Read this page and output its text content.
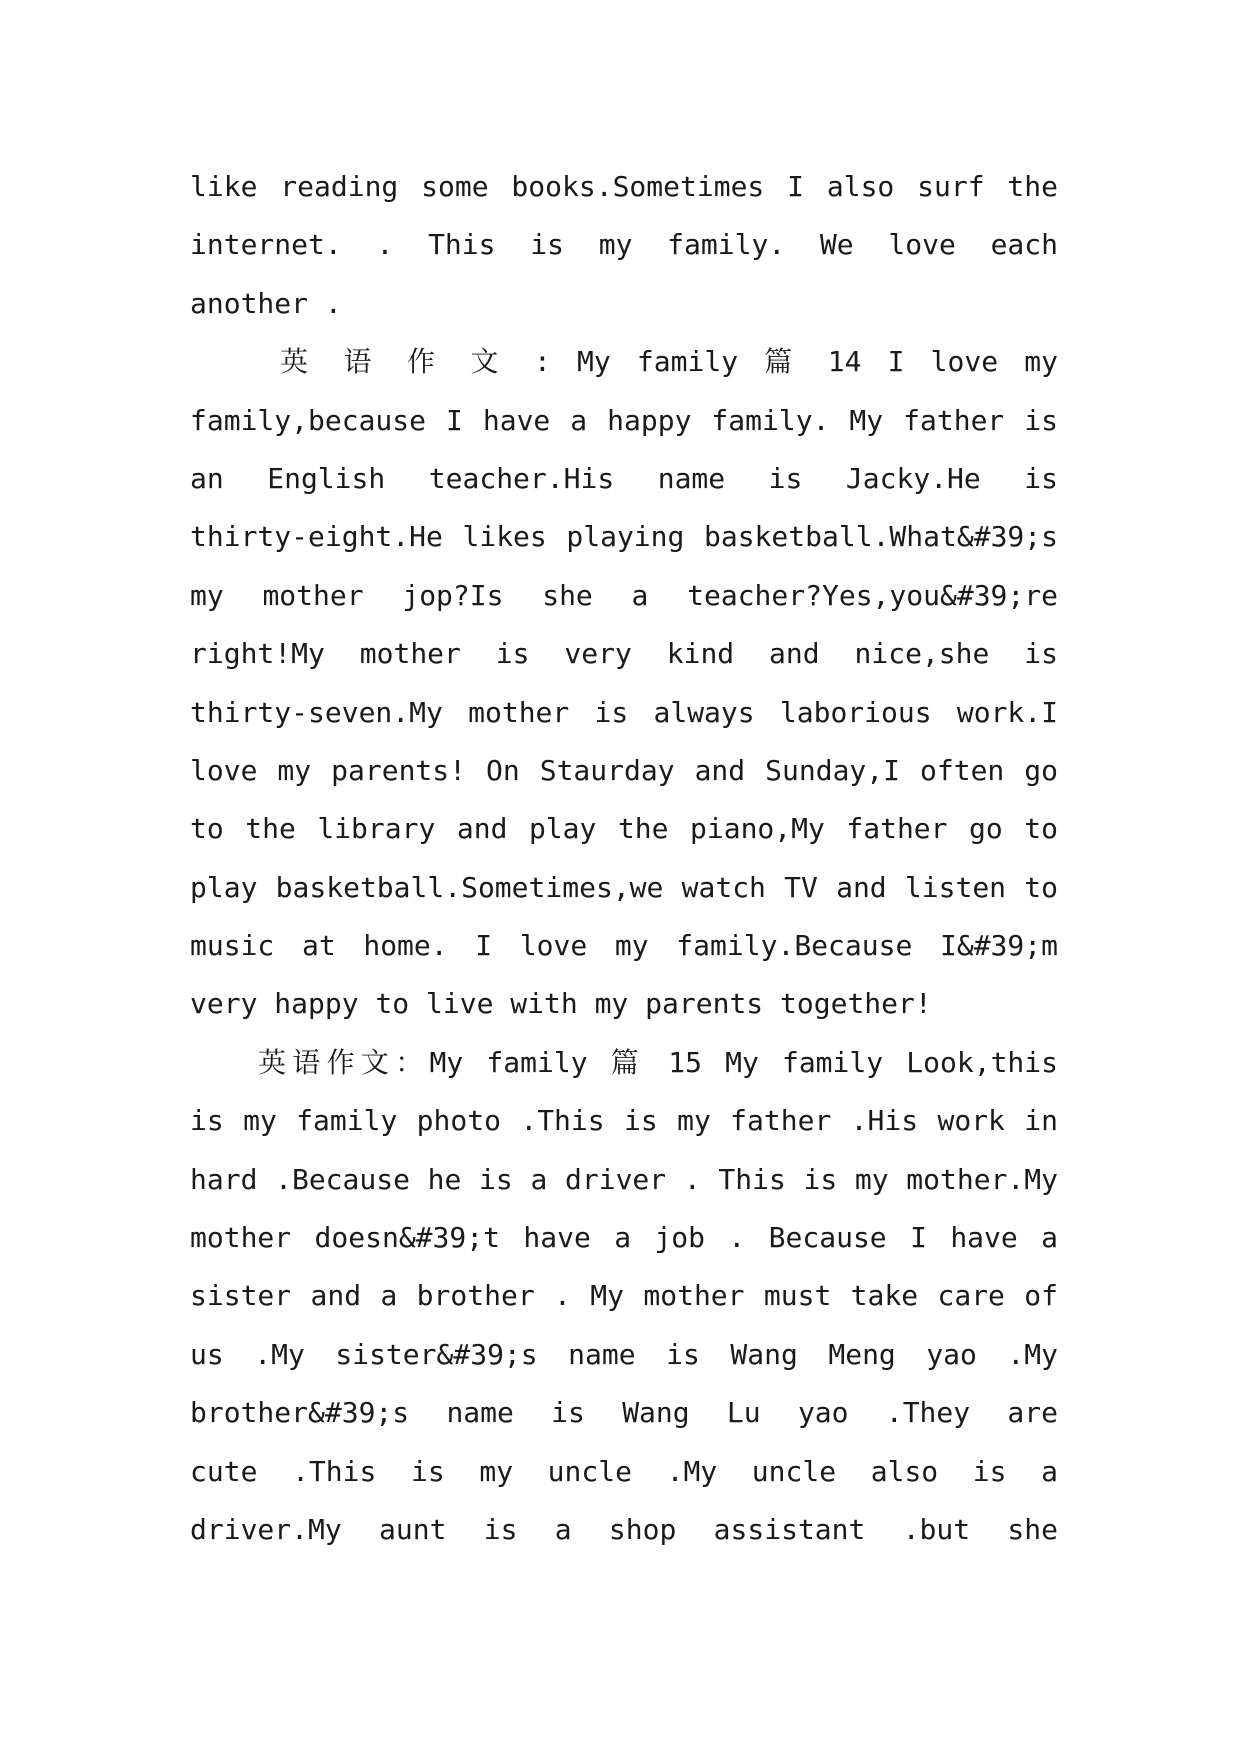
like reading some books.Sometimes I also surf the
internet. . This is my family. We love each
another .
英 语 作 文 : My family 篇 14 I love my
family,because I have a happy family. My father is
an English teacher.His name is Jacky.He is
thirty-eight.He likes playing basketball.What&#39;s
my mother jop?Is she a teacher?Yes,you&#39;re
right!My mother is very kind and nice,she is
thirty-seven.My mother is always laborious work.I
love my parents! On Staurday and Sunday,I often go
to the library and play the piano,My father go to
play basketball.Sometimes,we watch TV and listen to
music at home. I love my family.Because I&#39;m
very happy to live with my parents together!
英语作文：My family 篇 15 My family Look,this
is my family photo .This is my father .His work in
hard .Because he is a driver . This is my mother.My
mother doesn&#39;t have a job . Because I have a
sister and a brother . My mother must take care of
us .My sister&#39;s name is Wang Meng yao .My
brother&#39;s name is Wang Lu yao .They are
cute .This is my uncle .My uncle also is a
driver.My aunt is a shop assistant .but she
